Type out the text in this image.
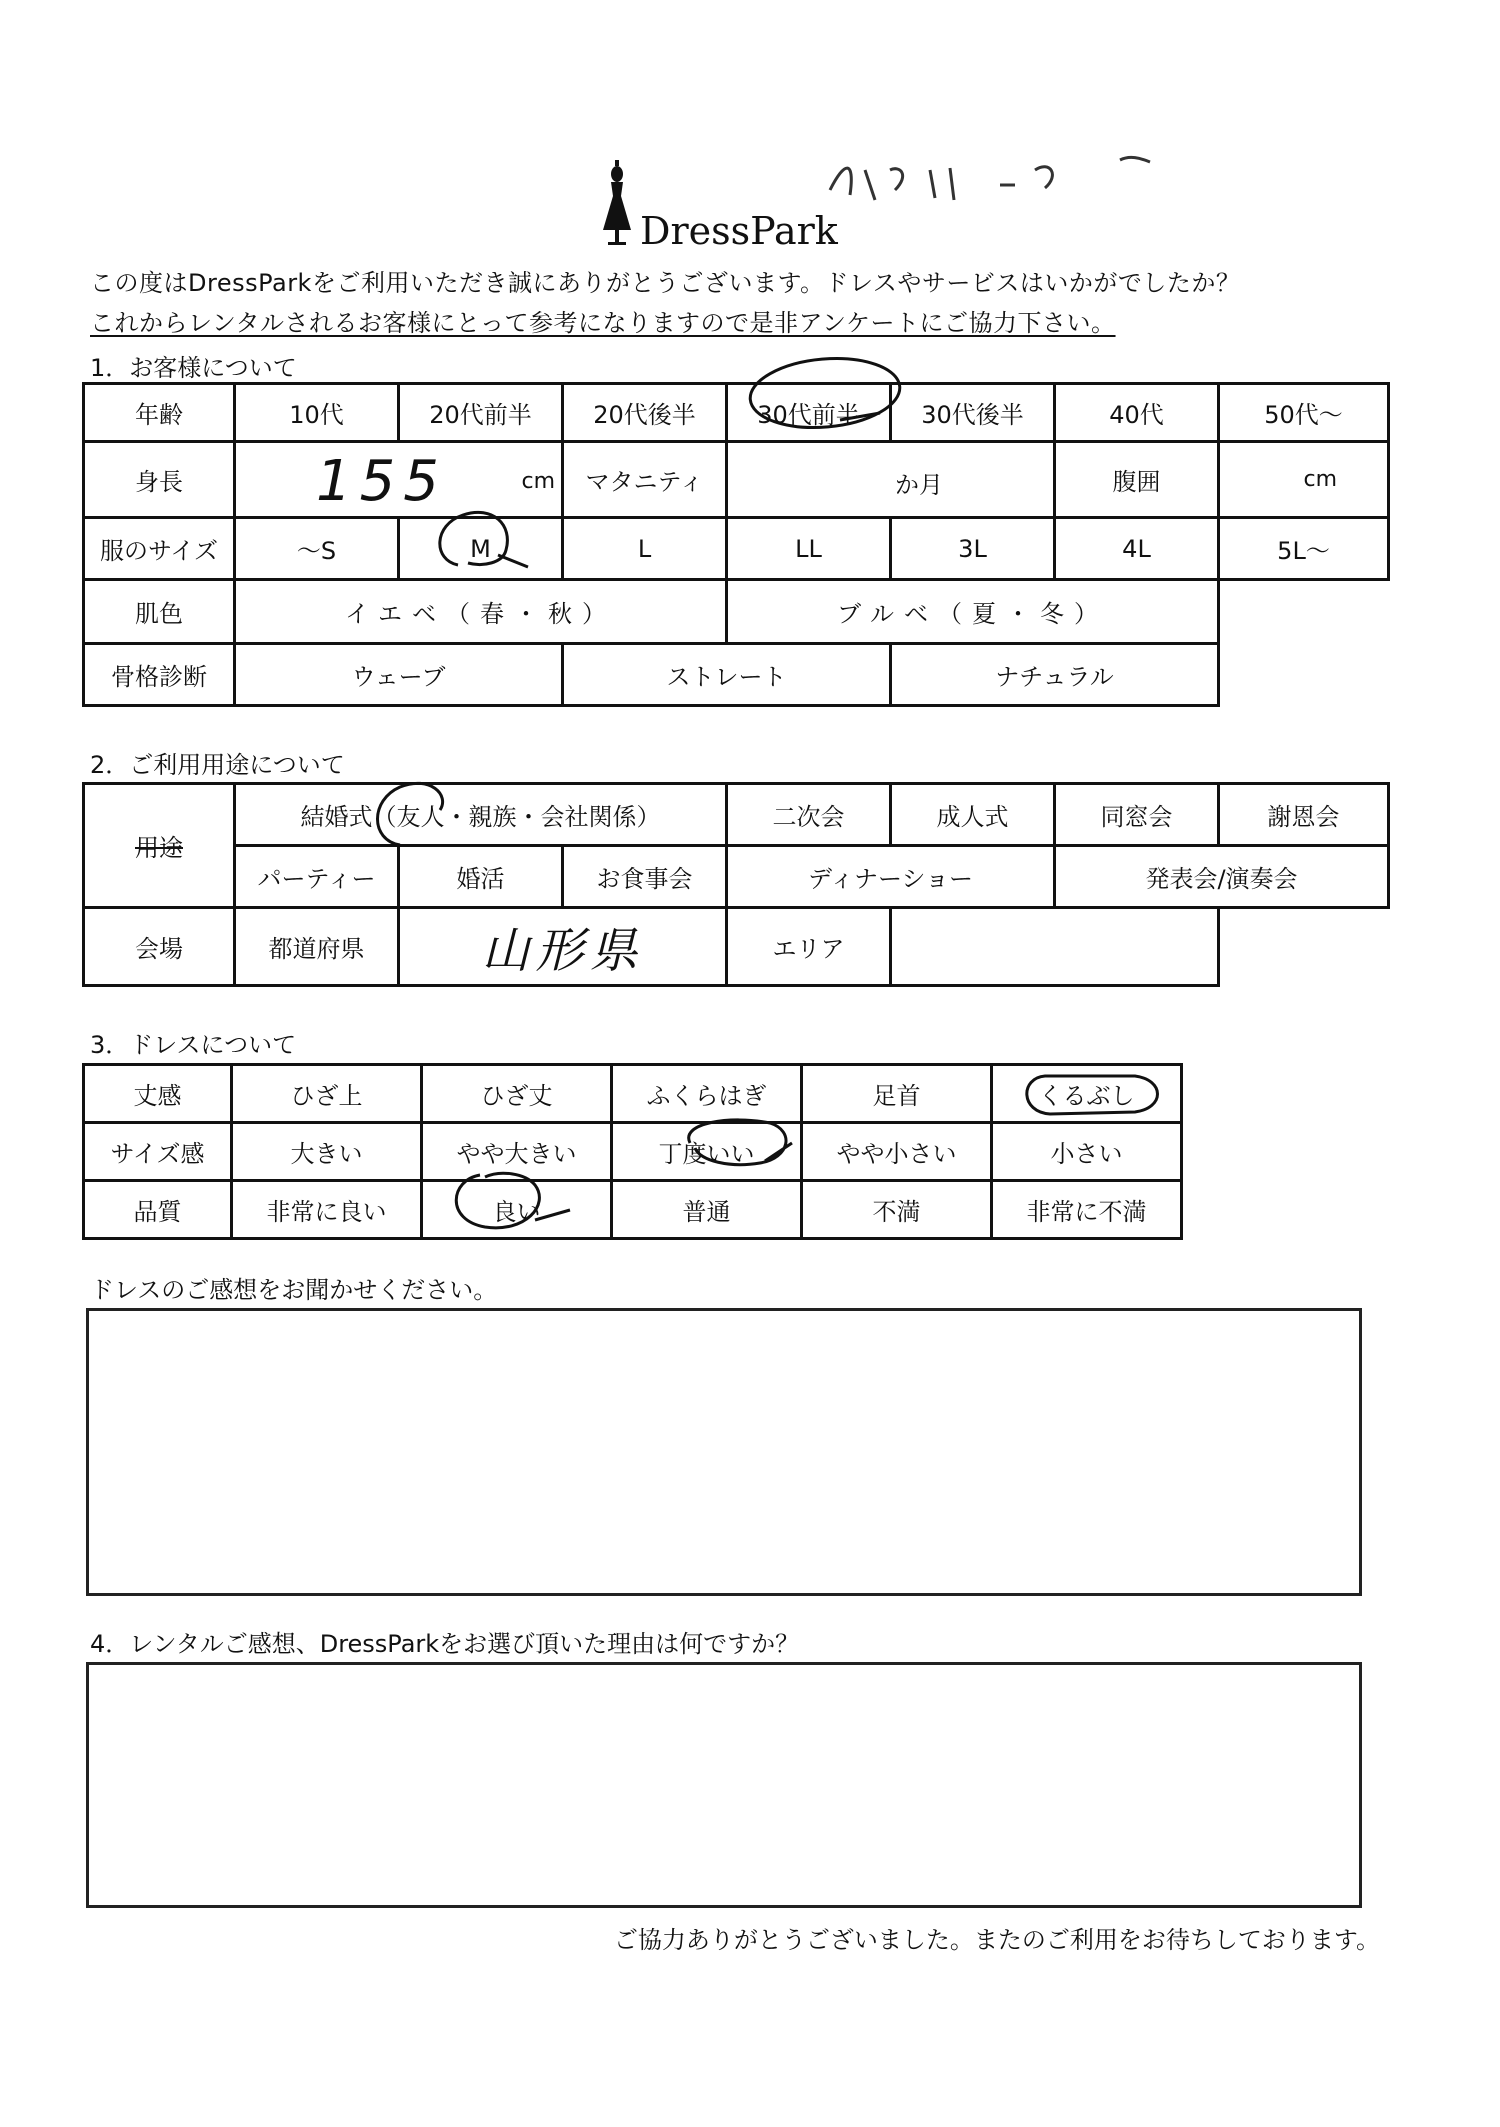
DressPark
この度はDressParkをご利用いただき誠にありがとうございます。ドレスやサービスはいかがでしたか？
これからレンタルされるお客様にとって参考になりますので是非アンケートにご協力下さい。
1．お客様について
年齢	10代	20代前半	20代後半	30代前半	30代後半	40代	50代〜
身長	155 cm		マタニティ	か月		腹囲	cm

服のサイズ	〜S	M	L	LL	3L	4L	5L〜
肌色	イエベ（春・秋）			ブルベ（夏・冬）			
骨格診断	ウェーブ		ストレート		ナチュラル		
2．ご利用用途について
用途	結婚式（友人・親族・会社関係）			二次会	成人式	同窓会	謝恩会
	パーティー	婚活	お食事会	ディナーショー		発表会/演奏会	
会場	都道府県	山形県		エリア			
3．ドレスについて
丈感	ひざ上	ひざ丈	ふくらはぎ	足首	くるぶし
サイズ感	大きい	やや大きい	丁度いい	やや小さい	小さい
品質	非常に良い	良い	普通	不満	非常に不満
ドレスのご感想をお聞かせください。
4．レンタルご感想、DressParkをお選び頂いた理由は何ですか？
ご協力ありがとうございました。またのご利用をお待ちしております。
